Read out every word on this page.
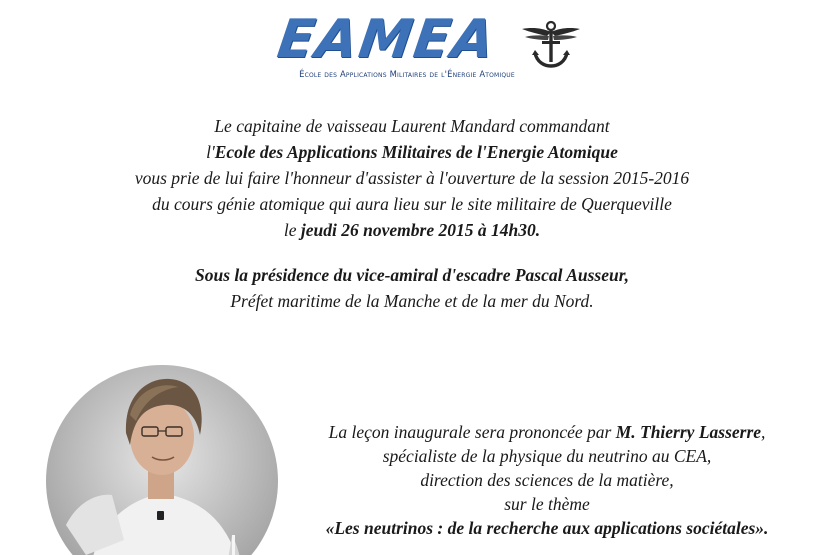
EAMEA
École des Applications Militaires de l'Énergie Atomique
Le capitaine de vaisseau Laurent Mandard commandant
l'Ecole des Applications Militaires de l'Energie Atomique
vous prie de lui faire l'honneur d'assister à l'ouverture de la session 2015-2016
du cours génie atomique qui aura lieu sur le site militaire de Querqueville
le jeudi 26 novembre 2015 à 14h30.
Sous la présidence du vice-amiral d'escadre Pascal Ausseur,
Préfet maritime de la Manche et de la mer du Nord.
La leçon inaugurale sera prononcée par M. Thierry Lasserre,
spécialiste de la physique du neutrino au CEA,
direction des sciences de la matière,
sur le thème
«Les neutrinos : de la recherche aux applications sociétales».
